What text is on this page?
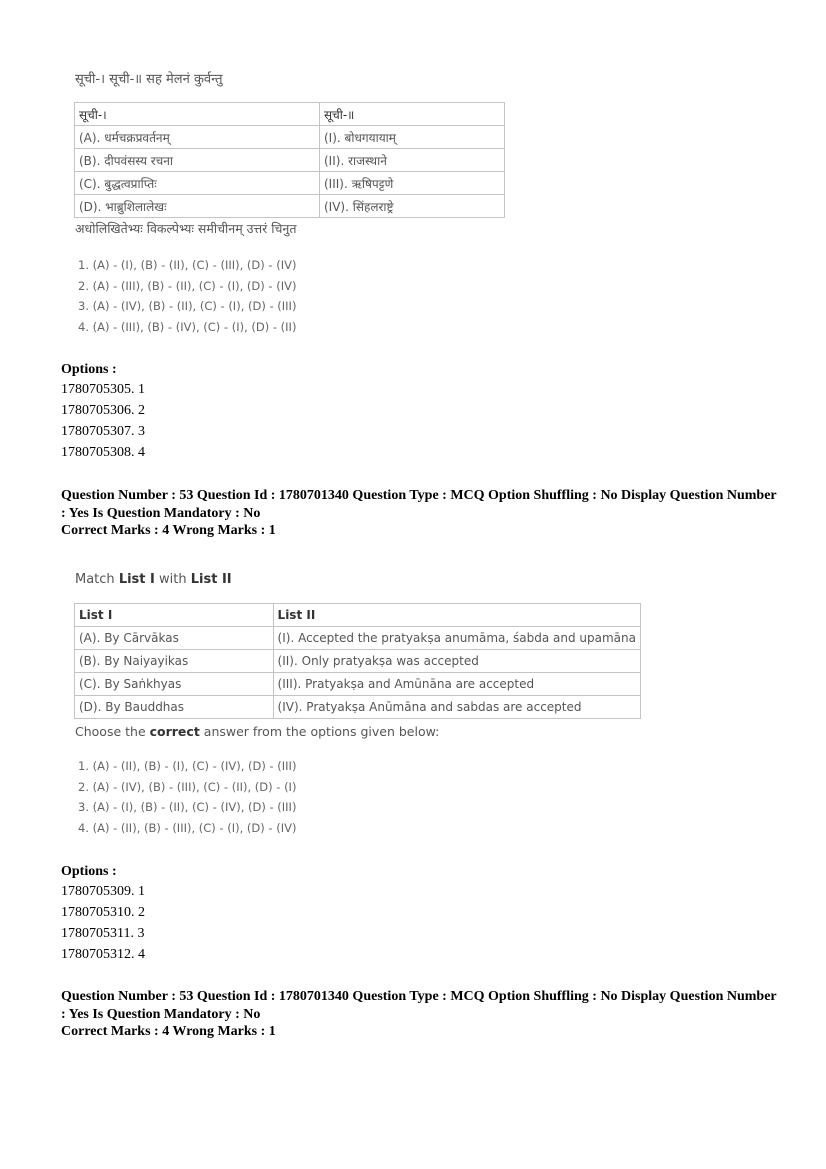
सूची-। सूची-॥ सह मेलनं कुर्वन्तु
सूची-।	सूची-॥
(A). धर्मचक्रप्रवर्तनम्	(I). बोधगयायाम्
(B). दीपवंसस्य रचना	(II). राजस्थाने
(C). बुद्धत्वप्राप्तिः	(III). ऋषिपट्टणे
(D). भाब्रुशिलालेखः	(IV). सिंहलराष्ट्रे
अधोलिखितेभ्यः विकल्पेभ्यः समीचीनम् उत्तरं चिनुत
1. (A) - (I), (B) - (II), (C) - (III), (D) - (IV)
2. (A) - (III), (B) - (II), (C) - (I), (D) - (IV)
3. (A) - (IV), (B) - (II), (C) - (I), (D) - (III)
4. (A) - (III), (B) - (IV), (C) - (I), (D) - (II)
Options :
1780705305. 1
1780705306. 2
1780705307. 3
1780705308. 4
Question Number : 53 Question Id : 1780701340 Question Type : MCQ Option Shuffling : No Display Question Number
: Yes Is Question Mandatory : No
Correct Marks : 4 Wrong Marks : 1
Match List I with List II
List I	List II
(A). By Cārvākas	(I). Accepted the pratyakṣa anumāma, śabda and upamāna
(B). By Naiyayikas	(II). Only pratyakṣa was accepted
(C). By Saṅkhyas	(III). Pratyakṣa and Amūnāna are accepted
(D). By Bauddhas	(IV). Pratyakṣa Anūmāna and sabdas are accepted
Choose the correct answer from the options given below:
1. (A) - (II), (B) - (I), (C) - (IV), (D) - (III)
2. (A) - (IV), (B) - (III), (C) - (II), (D) - (I)
3. (A) - (I), (B) - (II), (C) - (IV), (D) - (III)
4. (A) - (II), (B) - (III), (C) - (I), (D) - (IV)
Options :
1780705309. 1
1780705310. 2
1780705311. 3
1780705312. 4
Question Number : 53 Question Id : 1780701340 Question Type : MCQ Option Shuffling : No Display Question Number
: Yes Is Question Mandatory : No
Correct Marks : 4 Wrong Marks : 1
